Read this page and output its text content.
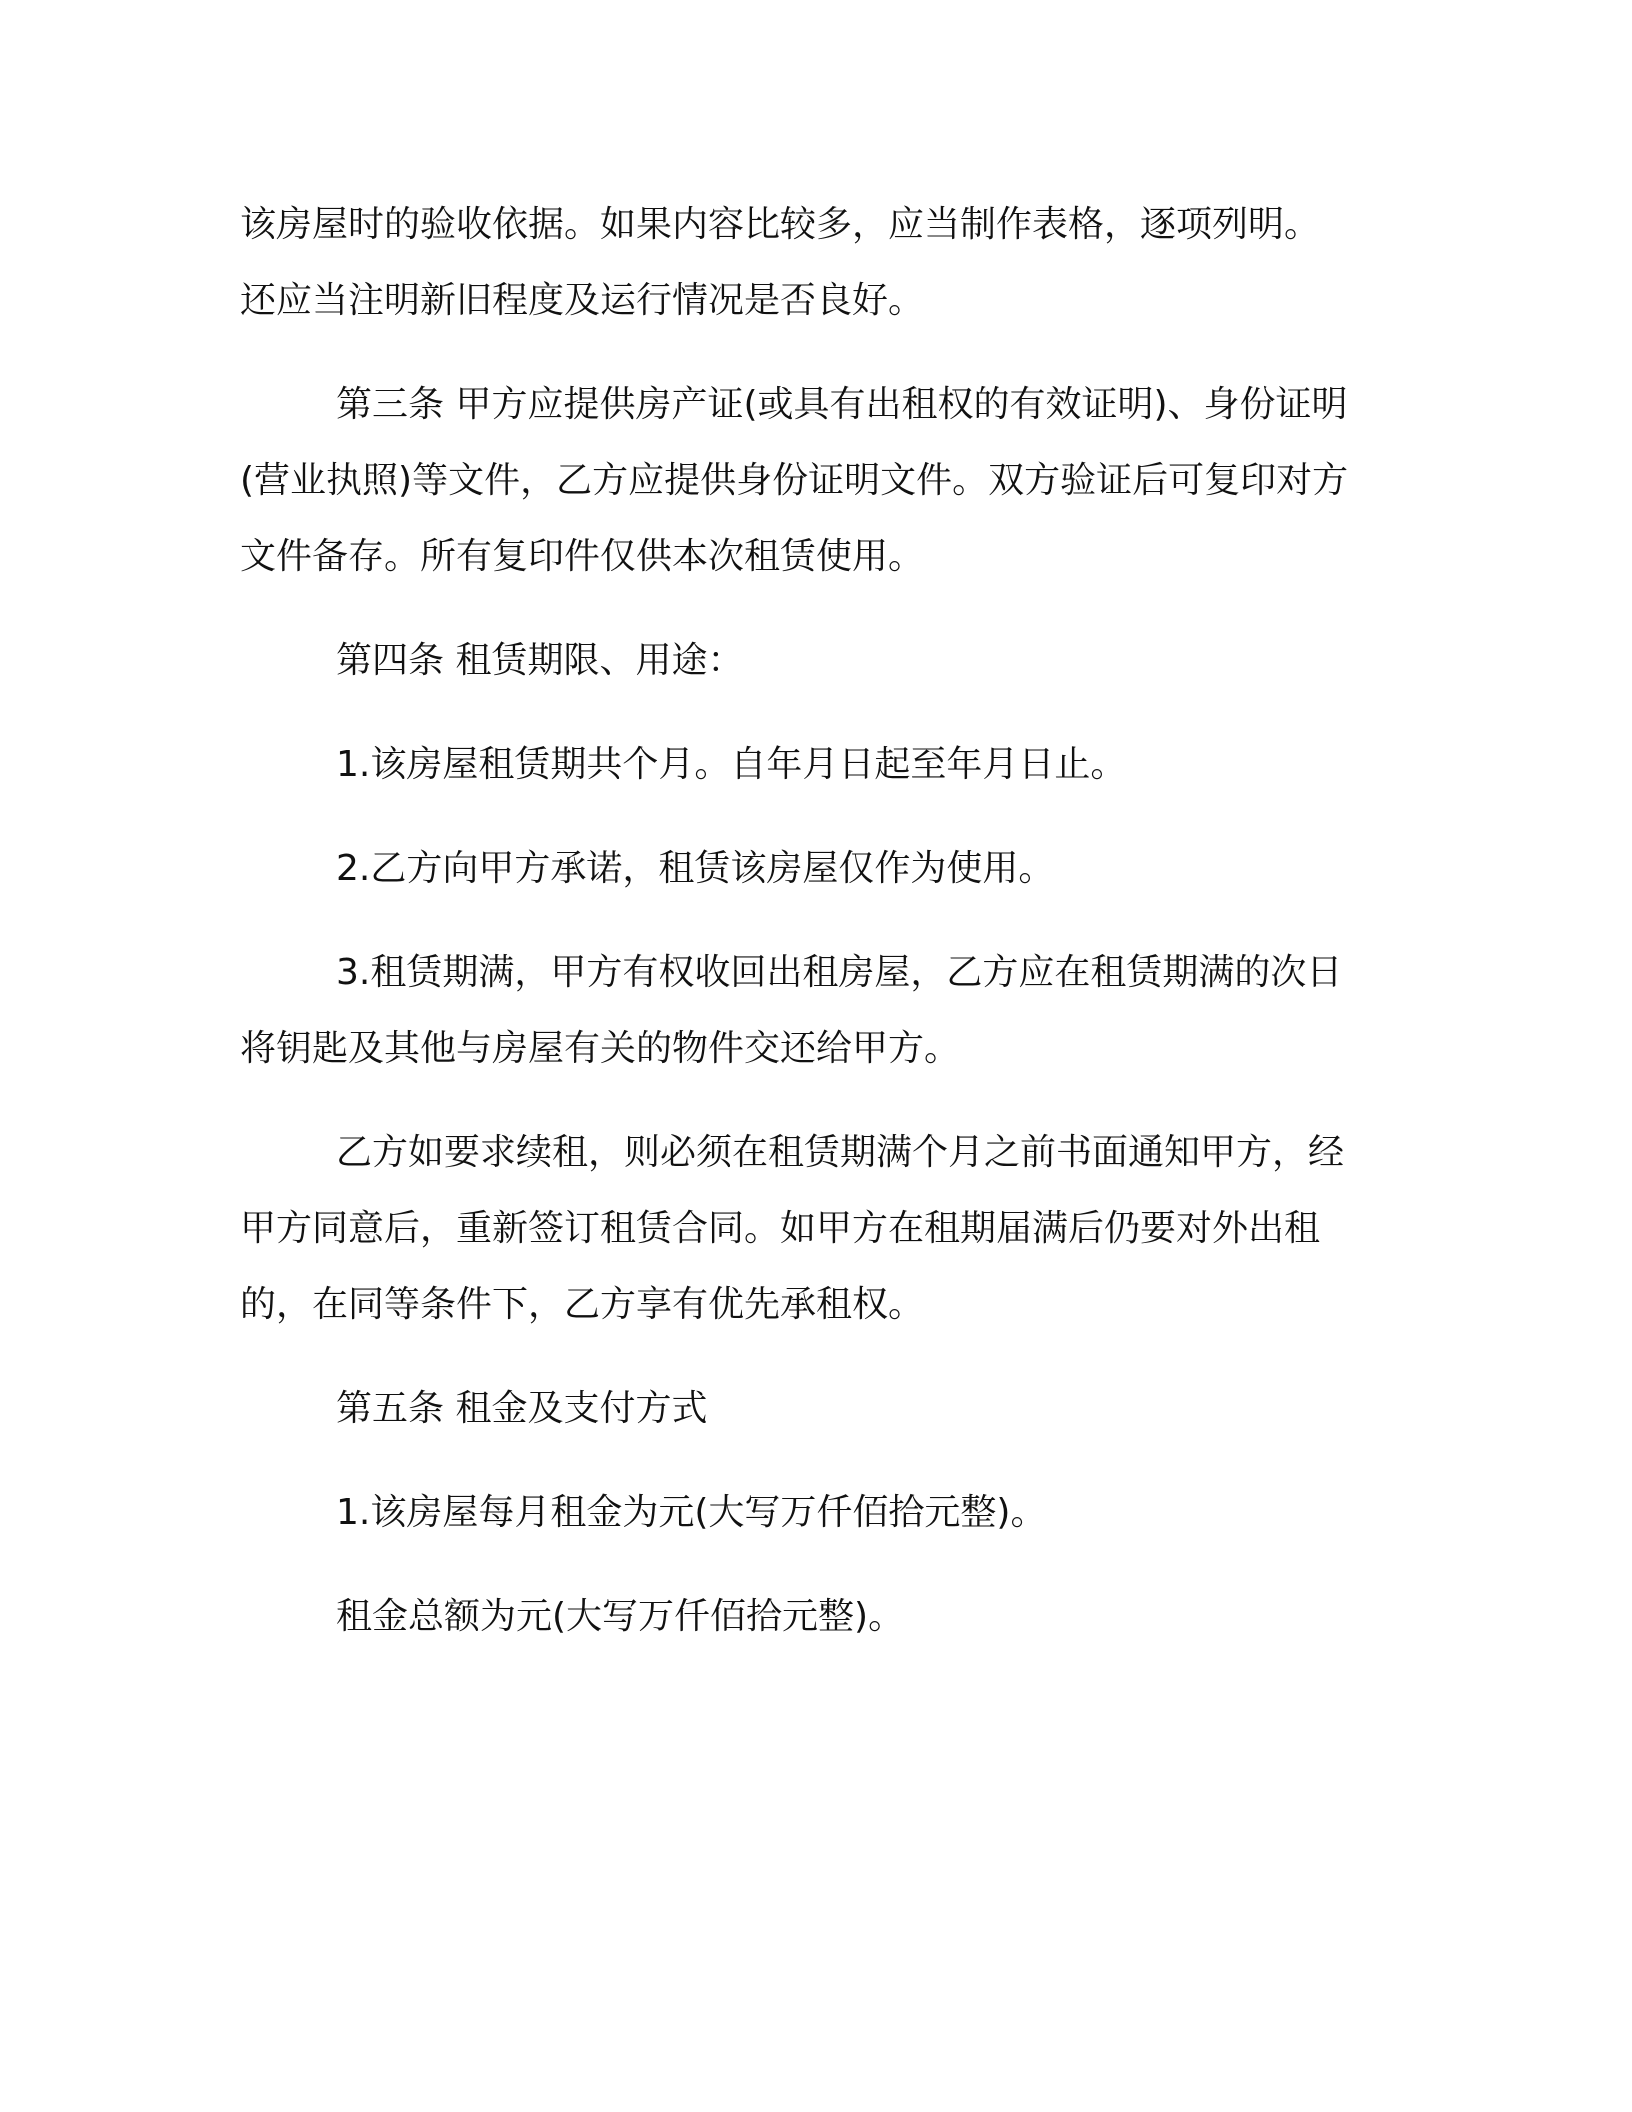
该房屋时的验收依据。如果内容比较多，应当制作表格，逐项列明。
还应当注明新旧程度及运行情况是否良好。

第三条 甲方应提供房产证(或具有出租权的有效证明)、身份证明
(营业执照)等文件，乙方应提供身份证明文件。双方验证后可复印对方
文件备存。所有复印件仅供本次租赁使用。

第四条 租赁期限、用途：

1.该房屋租赁期共个月。自年月日起至年月日止。

2.乙方向甲方承诺，租赁该房屋仅作为使用。

3.租赁期满，甲方有权收回出租房屋，乙方应在租赁期满的次日
将钥匙及其他与房屋有关的物件交还给甲方。

乙方如要求续租，则必须在租赁期满个月之前书面通知甲方，经
甲方同意后，重新签订租赁合同。如甲方在租期届满后仍要对外出租
的，在同等条件下，乙方享有优先承租权。

第五条 租金及支付方式

1.该房屋每月租金为元(大写万仟佰拾元整)。

租金总额为元(大写万仟佰拾元整)。
